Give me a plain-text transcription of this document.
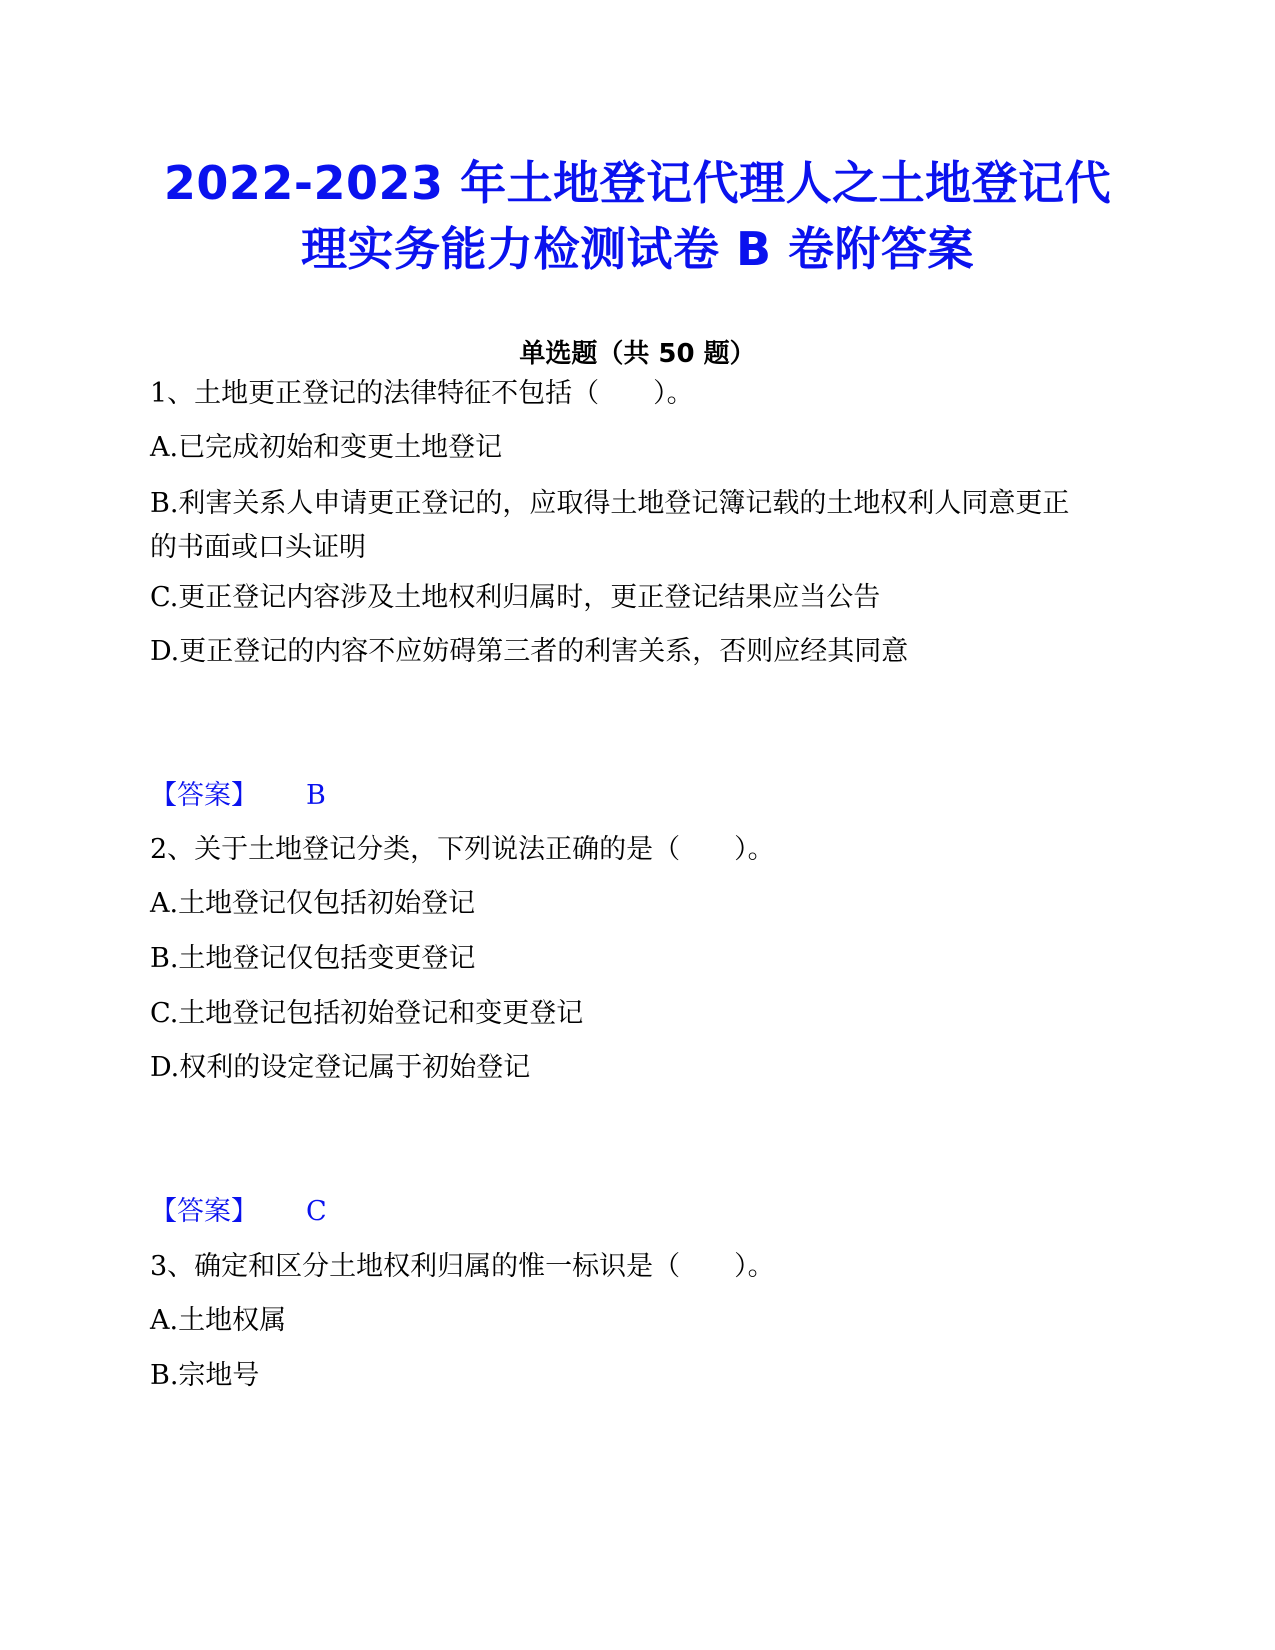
2022-2023 年土地登记代理人之土地登记代
理实务能力检测试卷 B 卷附答案
单选题（共 50 题）
1、土地更正登记的法律特征不包括（　　）。
A.已完成初始和变更土地登记
B.利害关系人申请更正登记的，应取得土地登记簿记载的土地权利人同意更正的书面或口头证明
C.更正登记内容涉及土地权利归属时，更正登记结果应当公告
D.更正登记的内容不应妨碍第三者的利害关系，否则应经其同意
【答案】 B
2、关于土地登记分类，下列说法正确的是（　　）。
A.土地登记仅包括初始登记
B.土地登记仅包括变更登记
C.土地登记包括初始登记和变更登记
D.权利的设定登记属于初始登记
【答案】 C
3、确定和区分土地权利归属的惟一标识是（　　）。
A.土地权属
B.宗地号
